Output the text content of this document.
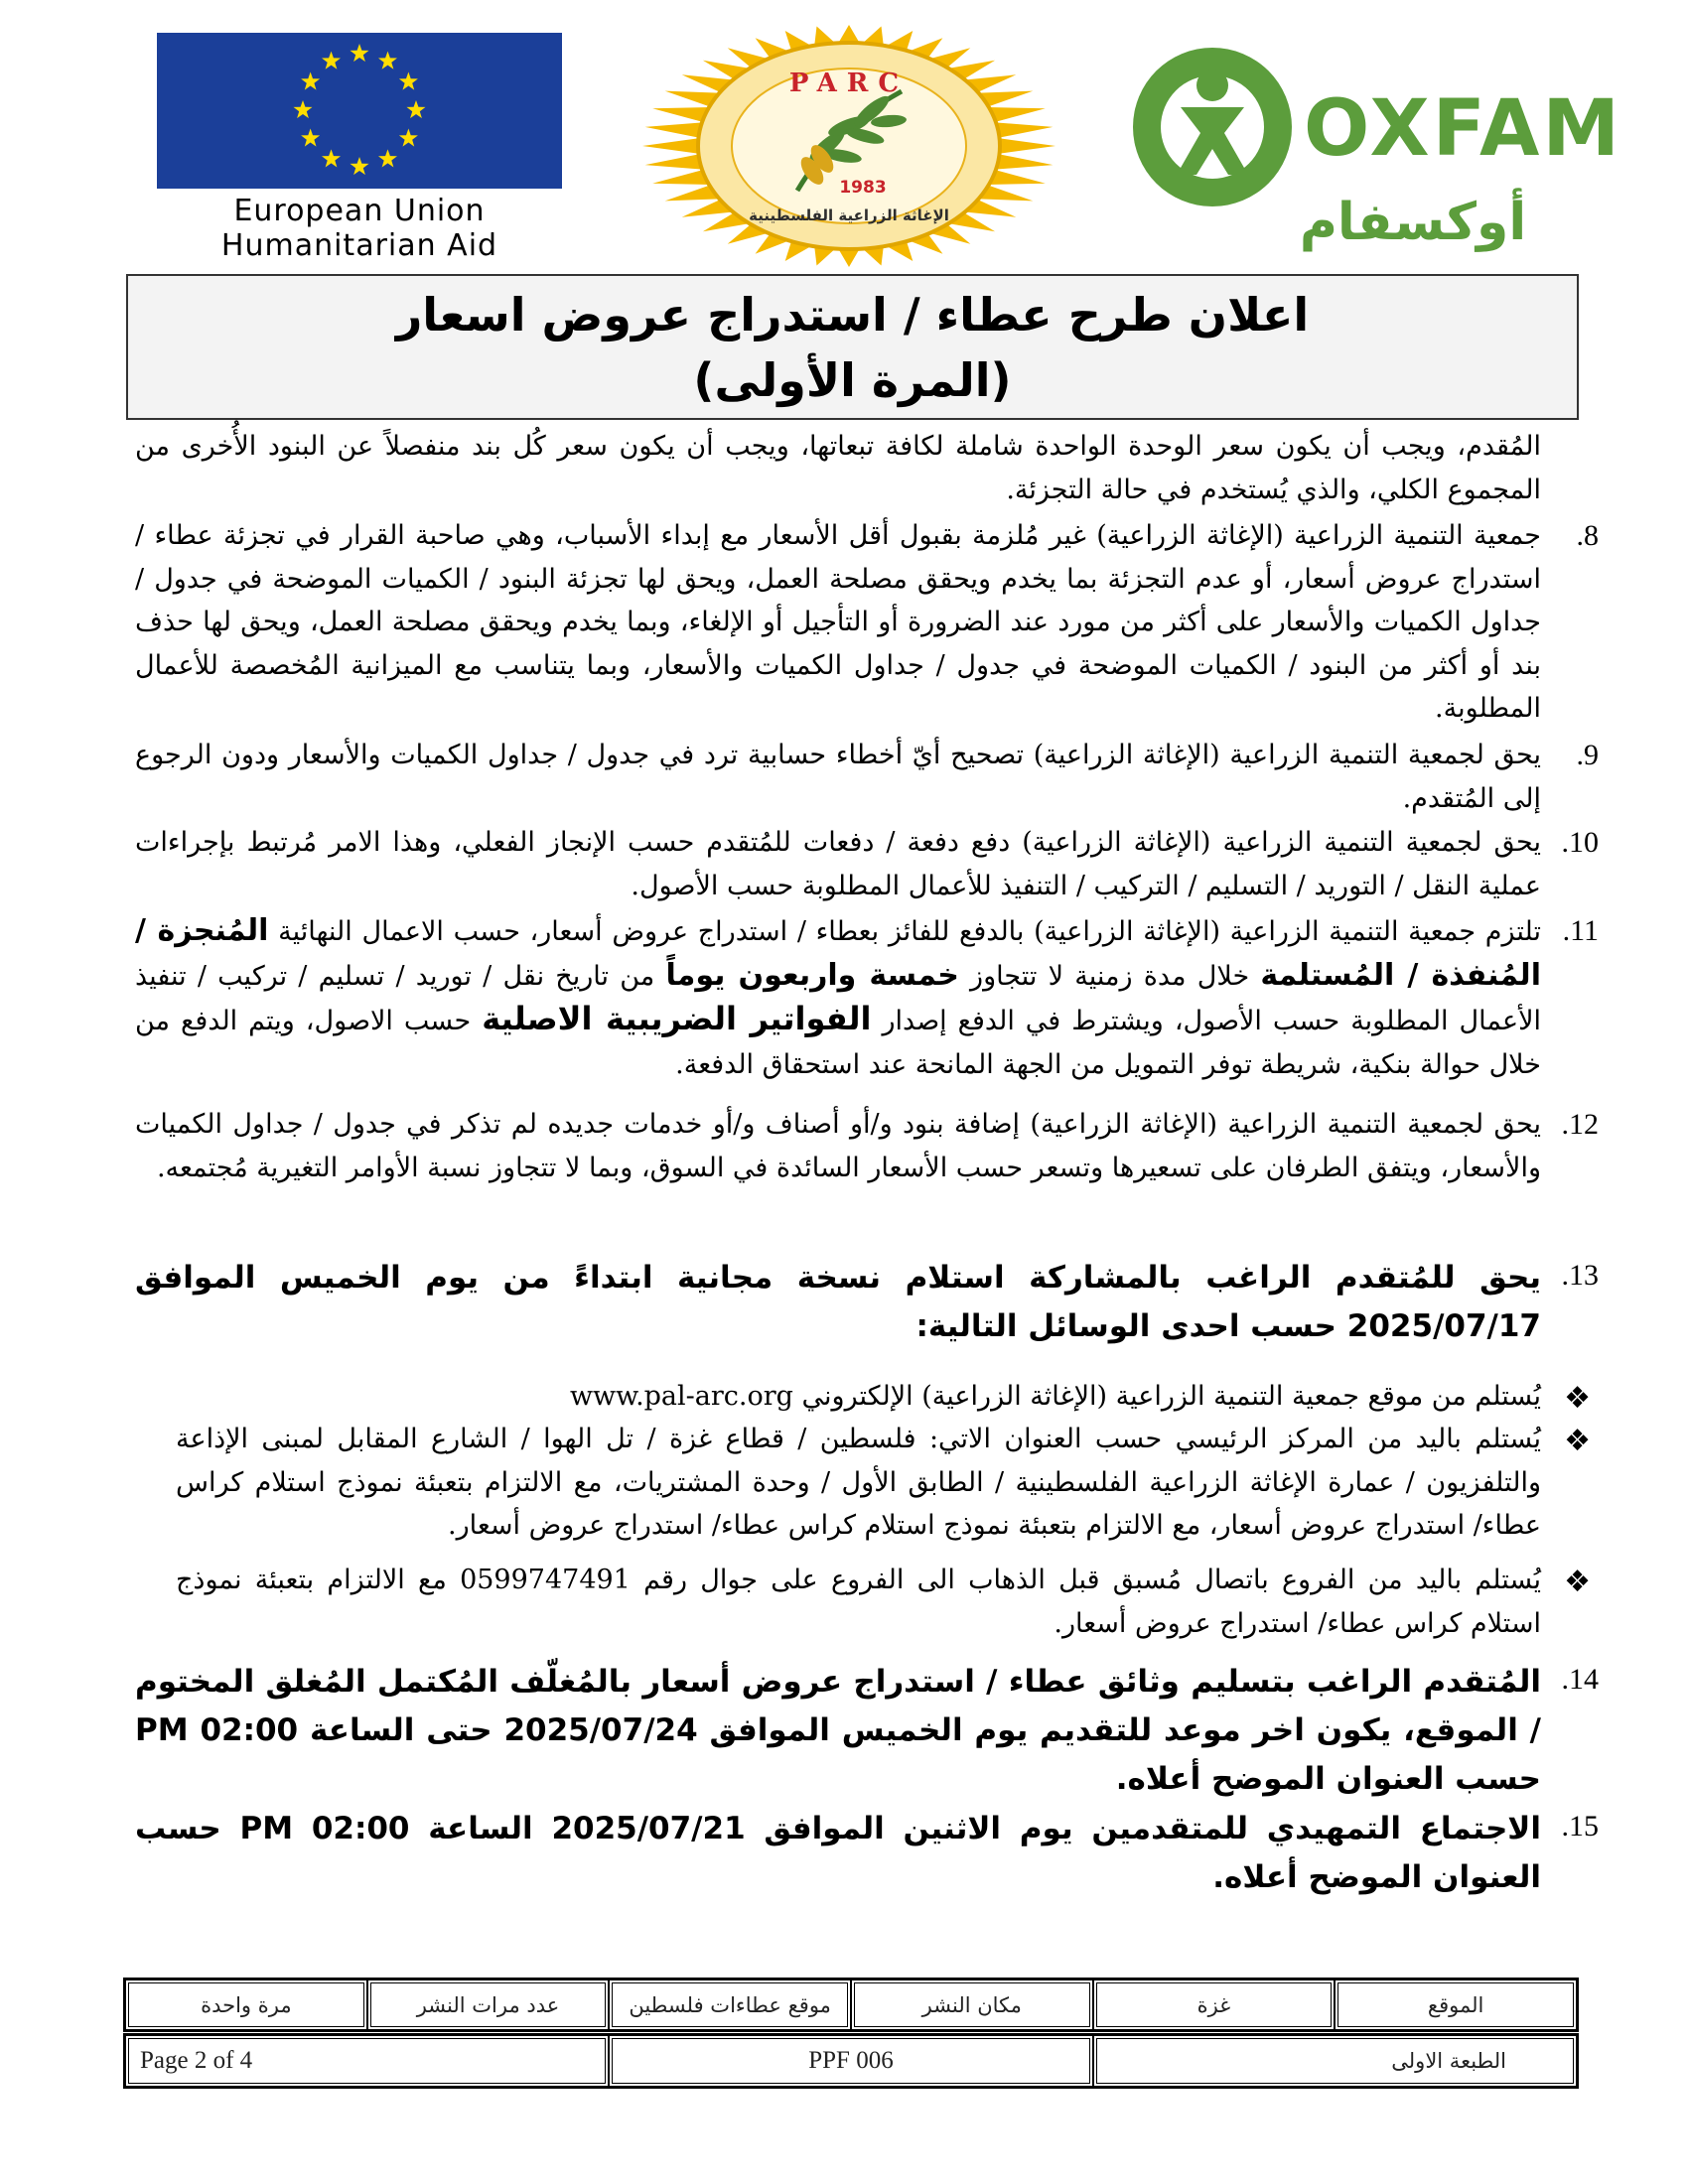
European Union
Humanitarian Aid
PARC
1983
الإغاثة الزراعية الفلسطينية
OXFAM
أوكسفام
اعلان طرح عطاء / استدراج عروض اسعار
(المرة الأولى)

المُقدم، ويجب أن يكون سعر الوحدة الواحدة شاملة لكافة تبعاتها، ويجب أن يكون سعر كُل بند منفصلاً عن البنود الأُخرى من المجموع الكلي، والذي يُستخدم في حالة التجزئة.

.8

جمعية التنمية الزراعية (الإغاثة الزراعية) غير مُلزمة بقبول أقل الأسعار مع إبداء الأسباب، وهي صاحبة القرار في تجزئة عطاء / استدراج عروض أسعار، أو عدم التجزئة بما يخدم ويحقق مصلحة العمل، ويحق لها تجزئة البنود / الكميات الموضحة في جدول / جداول الكميات والأسعار على أكثر من مورد عند الضرورة أو التأجيل أو الإلغاء، وبما يخدم ويحقق مصلحة العمل، ويحق لها حذف بند أو أكثر من البنود / الكميات الموضحة في جدول / جداول الكميات والأسعار، وبما يتناسب مع الميزانية المُخصصة للأعمال المطلوبة.

.9

يحق لجمعية التنمية الزراعية (الإغاثة الزراعية) تصحيح أيّ أخطاء حسابية ترد في جدول / جداول الكميات والأسعار ودون الرجوع إلى المُتقدم.

.10

يحق لجمعية التنمية الزراعية (الإغاثة الزراعية) دفع دفعة / دفعات للمُتقدم حسب الإنجاز الفعلي، وهذا الامر مُرتبط بإجراءات عملية النقل / التوريد / التسليم / التركيب / التنفيذ للأعمال المطلوبة حسب الأصول.

.11

تلتزم جمعية التنمية الزراعية (الإغاثة الزراعية) بالدفع للفائز بعطاء / استدراج عروض أسعار، حسب الاعمال النهائية المُنجزة / المُنفذة / المُستلمة خلال مدة زمنية لا تتجاوز خمسة واربعون يوماً من تاريخ نقل / توريد / تسليم / تركيب / تنفيذ الأعمال المطلوبة حسب الأصول، ويشترط في الدفع إصدار الفواتير الضريبية الاصلية حسب الاصول، ويتم الدفع من خلال حوالة بنكية، شريطة توفر التمويل من الجهة المانحة عند استحقاق الدفعة.

.12

يحق لجمعية التنمية الزراعية (الإغاثة الزراعية) إضافة بنود و/أو أصناف و/أو خدمات جديده لم تذكر في جدول / جداول الكميات والأسعار، ويتفق الطرفان على تسعيرها وتسعر حسب الأسعار السائدة في السوق، وبما لا تتجاوز نسبة الأوامر التغيرية مُجتمعه.

.13

يحق للمُتقدم الراغب بالمشاركة استلام نسخة مجانية ابتداءً من يوم الخميس الموافق 2025/07/17 حسب احدى الوسائل التالية:

❖

يُستلم من موقع جمعية التنمية الزراعية (الإغاثة الزراعية) الإلكتروني www.pal-arc.org

❖

يُستلم باليد من المركز الرئيسي حسب العنوان الاتي: فلسطين / قطاع غزة / تل الهوا / الشارع المقابل لمبنى الإذاعة والتلفزيون / عمارة الإغاثة الزراعية الفلسطينية / الطابق الأول / وحدة المشتريات، مع الالتزام بتعبئة نموذج استلام كراس عطاء/ استدراج عروض أسعار، مع الالتزام بتعبئة نموذج استلام كراس عطاء/ استدراج عروض أسعار.

❖

يُستلم باليد من الفروع باتصال مُسبق قبل الذهاب الى الفروع على جوال رقم 0599747491 مع الالتزام بتعبئة نموذج استلام كراس عطاء/ استدراج عروض أسعار.

.14

المُتقدم الراغب بتسليم وثائق عطاء / استدراج عروض أسعار بالمُغلّف المُكتمل المُغلق المختوم / الموقع، يكون اخر موعد للتقديم يوم الخميس الموافق 2025/07/24 حتى الساعة 02:00 PM حسب العنوان الموضح أعلاه.

.15

الاجتماع التمهيدي للمتقدمين يوم الاثنين الموافق 2025/07/21 الساعة 02:00 PM حسب العنوان الموضح أعلاه.

مرة واحدة	عدد مرات النشر	موقع عطاءات فلسطين	مكان النشر	غزة	الموقع
Page 2 of 4	PPF 006	الطبعة الاولى
